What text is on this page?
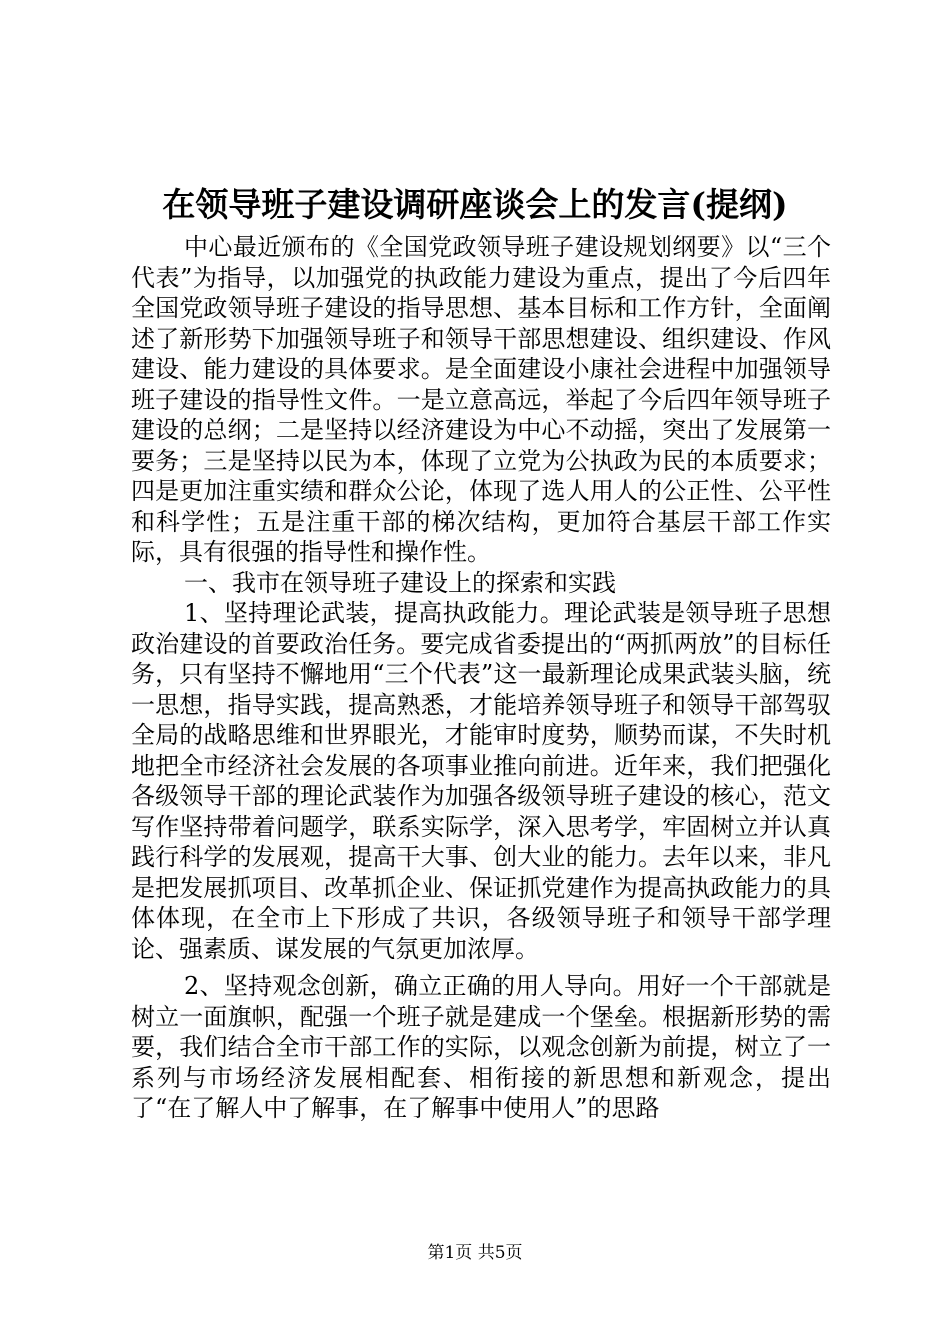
在领导班子建设调研座谈会上的发言(提纲)

中心最近颁布的《全国党政领导班子建设规划纲要》以“三个代表”为指导，以加强党的执政能力建设为重点，提出了今后四年全国党政领导班子建设的指导思想、基本目标和工作方针，全面阐述了新形势下加强领导班子和领导干部思想建设、组织建设、作风建设、能力建设的具体要求。是全面建设小康社会进程中加强领导班子建设的指导性文件。一是立意高远，举起了今后四年领导班子建设的总纲；二是坚持以经济建设为中心不动摇，突出了发展第一要务；三是坚持以民为本，体现了立党为公执政为民的本质要求；四是更加注重实绩和群众公论，体现了选人用人的公正性、公平性和科学性；五是注重干部的梯次结构，更加符合基层干部工作实际，具有很强的指导性和操作性。

一、我市在领导班子建设上的探索和实践

1、坚持理论武装，提高执政能力。理论武装是领导班子思想政治建设的首要政治任务。要完成省委提出的“两抓两放”的目标任务，只有坚持不懈地用“三个代表”这一最新理论成果武装头脑，统一思想，指导实践，提高熟悉，才能培养领导班子和领导干部驾驭全局的战略思维和世界眼光，才能审时度势，顺势而谋，不失时机地把全市经济社会发展的各项事业推向前进。近年来，我们把强化各级领导干部的理论武装作为加强各级领导班子建设的核心，范文写作坚持带着问题学，联系实际学，深入思考学，牢固树立并认真践行科学的发展观，提高干大事、创大业的能力。去年以来，非凡是把发展抓项目、改革抓企业、保证抓党建作为提高执政能力的具体体现，在全市上下形成了共识，各级领导班子和领导干部学理论、强素质、谋发展的气氛更加浓厚。

2、坚持观念创新，确立正确的用人导向。用好一个干部就是树立一面旗帜，配强一个班子就是建成一个堡垒。根据新形势的需要，我们结合全市干部工作的实际，以观念创新为前提，树立了一系列与市场经济发展相配套、相衔接的新思想和新观念，提出了“在了解人中了解事，在了解事中使用人”的思路

第1页 共5页
